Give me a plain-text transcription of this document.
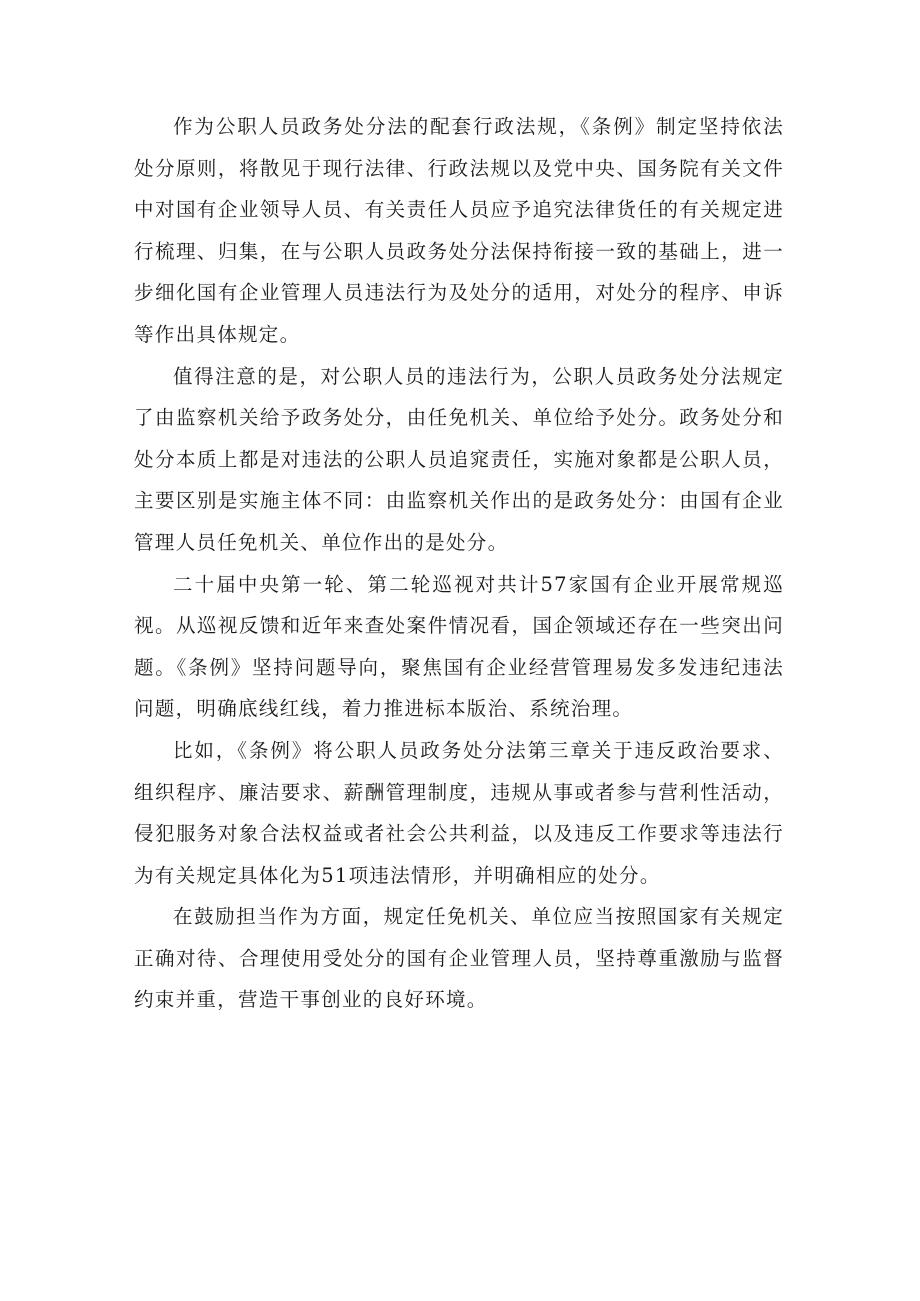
作为公职人员政务处分法的配套行政法规，《条例》制定坚持依法处分原则，将散见于现行法律、行政法规以及党中央、国务院有关文件中对国有企业领导人员、有关责任人员应予追究法律货任的有关规定进行梳理、归集，在与公职人员政务处分法保持衔接一致的基础上，进一步细化国有企业管理人员违法行为及处分的适用，对处分的程序、申诉等作出具体规定。

值得注意的是，对公职人员的违法行为，公职人员政务处分法规定了由监察机关给予政务处分，由任免机关、单位给予处分。政务处分和处分本质上都是对违法的公职人员追窕责任，实施对象都是公职人员，主要区别是实施主体不同：由监察机关作出的是政务处分：由国有企业管理人员任免机关、单位作出的是处分。

二十届中央第一轮、第二轮巡视对共计57家国有企业开展常规巡视。从巡视反馈和近年来查处案件情况看，国企领域还存在一些突出问题。《条例》坚持问题导向，聚焦国有企业经营管理易发多发违纪违法问题，明确底线红线，着力推进标本版治、系统治理。

比如，《条例》将公职人员政务处分法第三章关于违反政治要求、组织程序、廉洁要求、薪酬管理制度，违规从事或者参与营利性活动，侵犯服务对象合法权益或者社会公共利益，以及违反工作要求等违法行为有关规定具体化为51项违法情形，并明确相应的处分。

在鼓励担当作为方面，规定任免机关、单位应当按照国家有关规定正确对待、合理使用受处分的国有企业管理人员，坚持尊重激励与监督约束并重，营造干事创业的良好环境。
